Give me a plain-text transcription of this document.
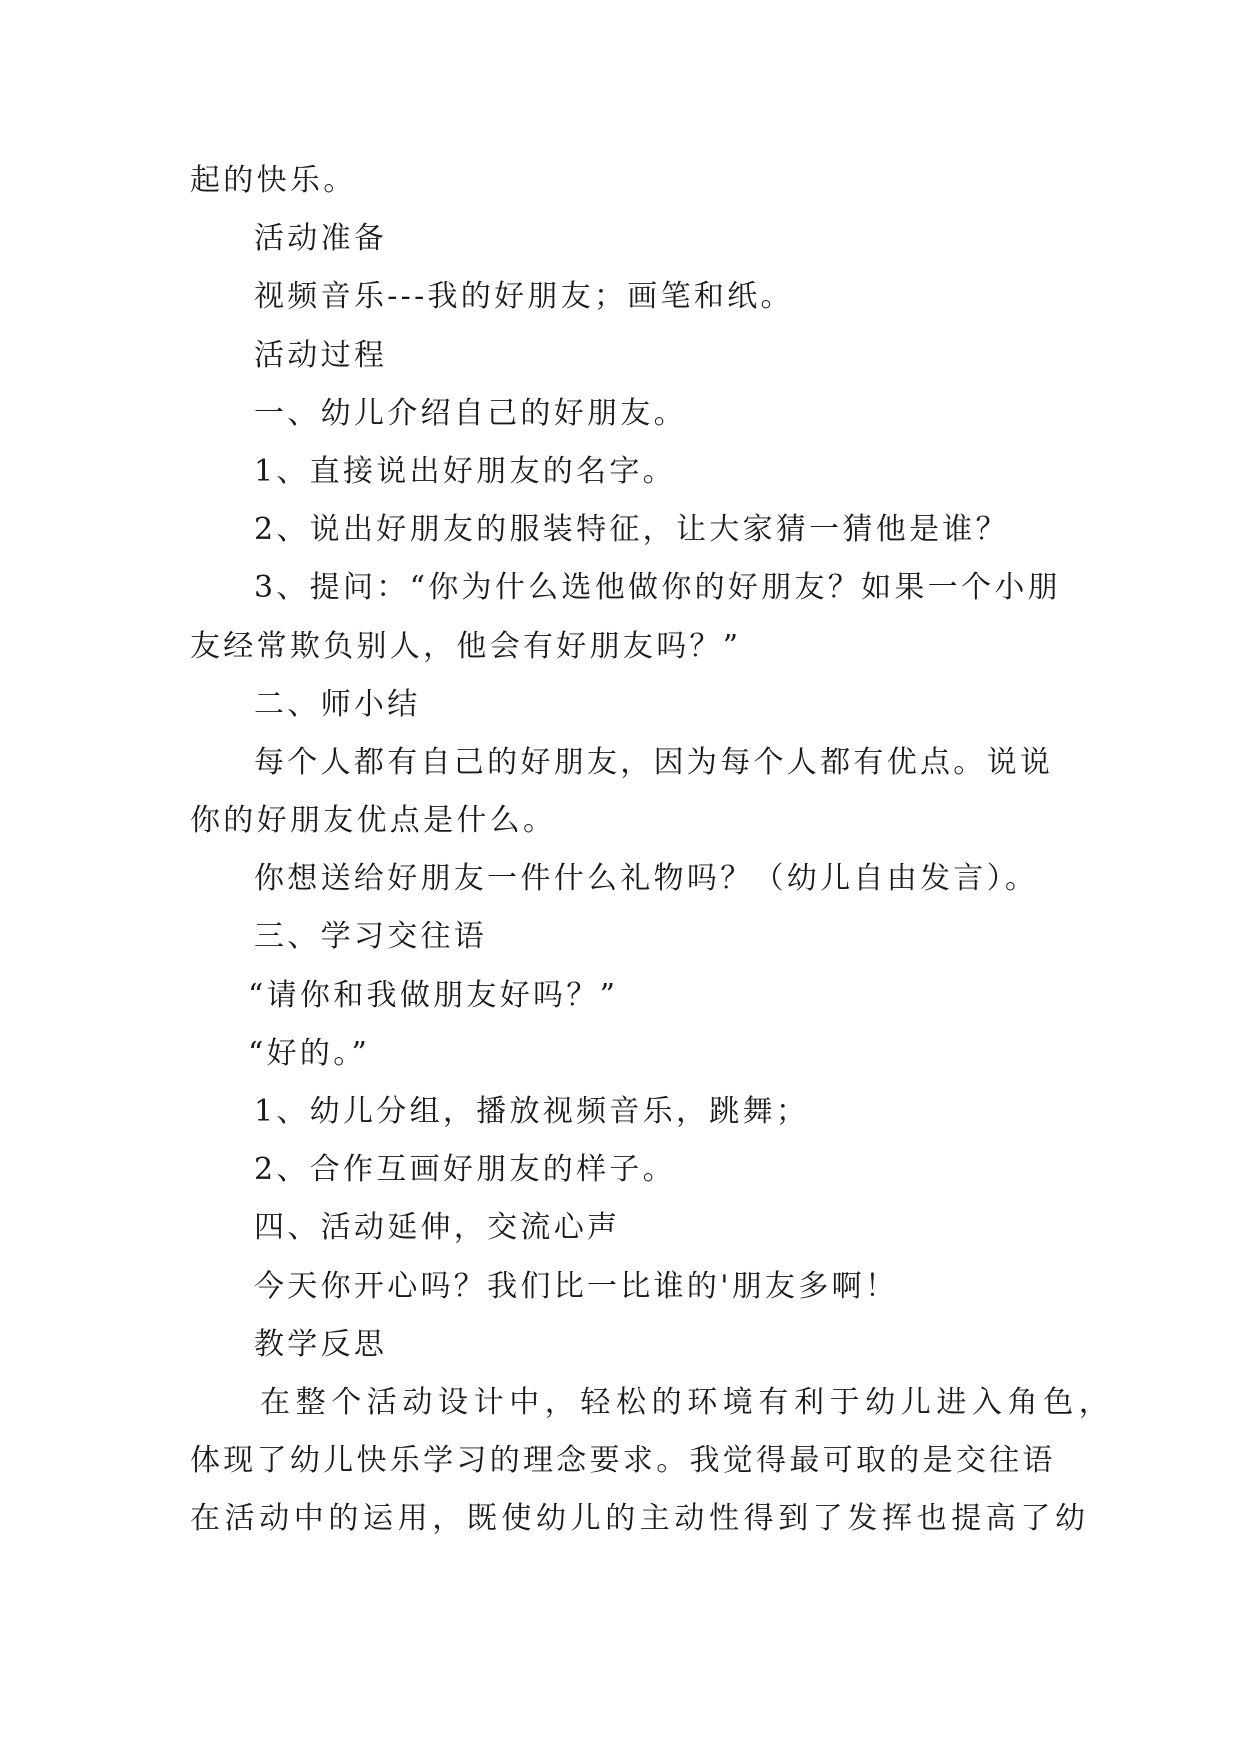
起的快乐。
活动准备
视频音乐---我的好朋友；画笔和纸。
活动过程
一、幼儿介绍自己的好朋友。
1、直接说出好朋友的名字。
2、说出好朋友的服装特征，让大家猜一猜他是谁？
3、提问：“你为什么选他做你的好朋友？如果一个小朋
友经常欺负别人，他会有好朋友吗？”
二、师小结
每个人都有自己的好朋友，因为每个人都有优点。说说
你的好朋友优点是什么。
你想送给好朋友一件什么礼物吗？（幼儿自由发言）。
三、学习交往语
“请你和我做朋友好吗？”
“好的。”
1、幼儿分组，播放视频音乐，跳舞；
2、合作互画好朋友的样子。
四、活动延伸，交流心声
今天你开心吗？我们比一比谁的'朋友多啊！
教学反思
在整个活动设计中，轻松的环境有利于幼儿进入角色，
体现了幼儿快乐学习的理念要求。我觉得最可取的是交往语
在活动中的运用，既使幼儿的主动性得到了发挥也提高了幼
